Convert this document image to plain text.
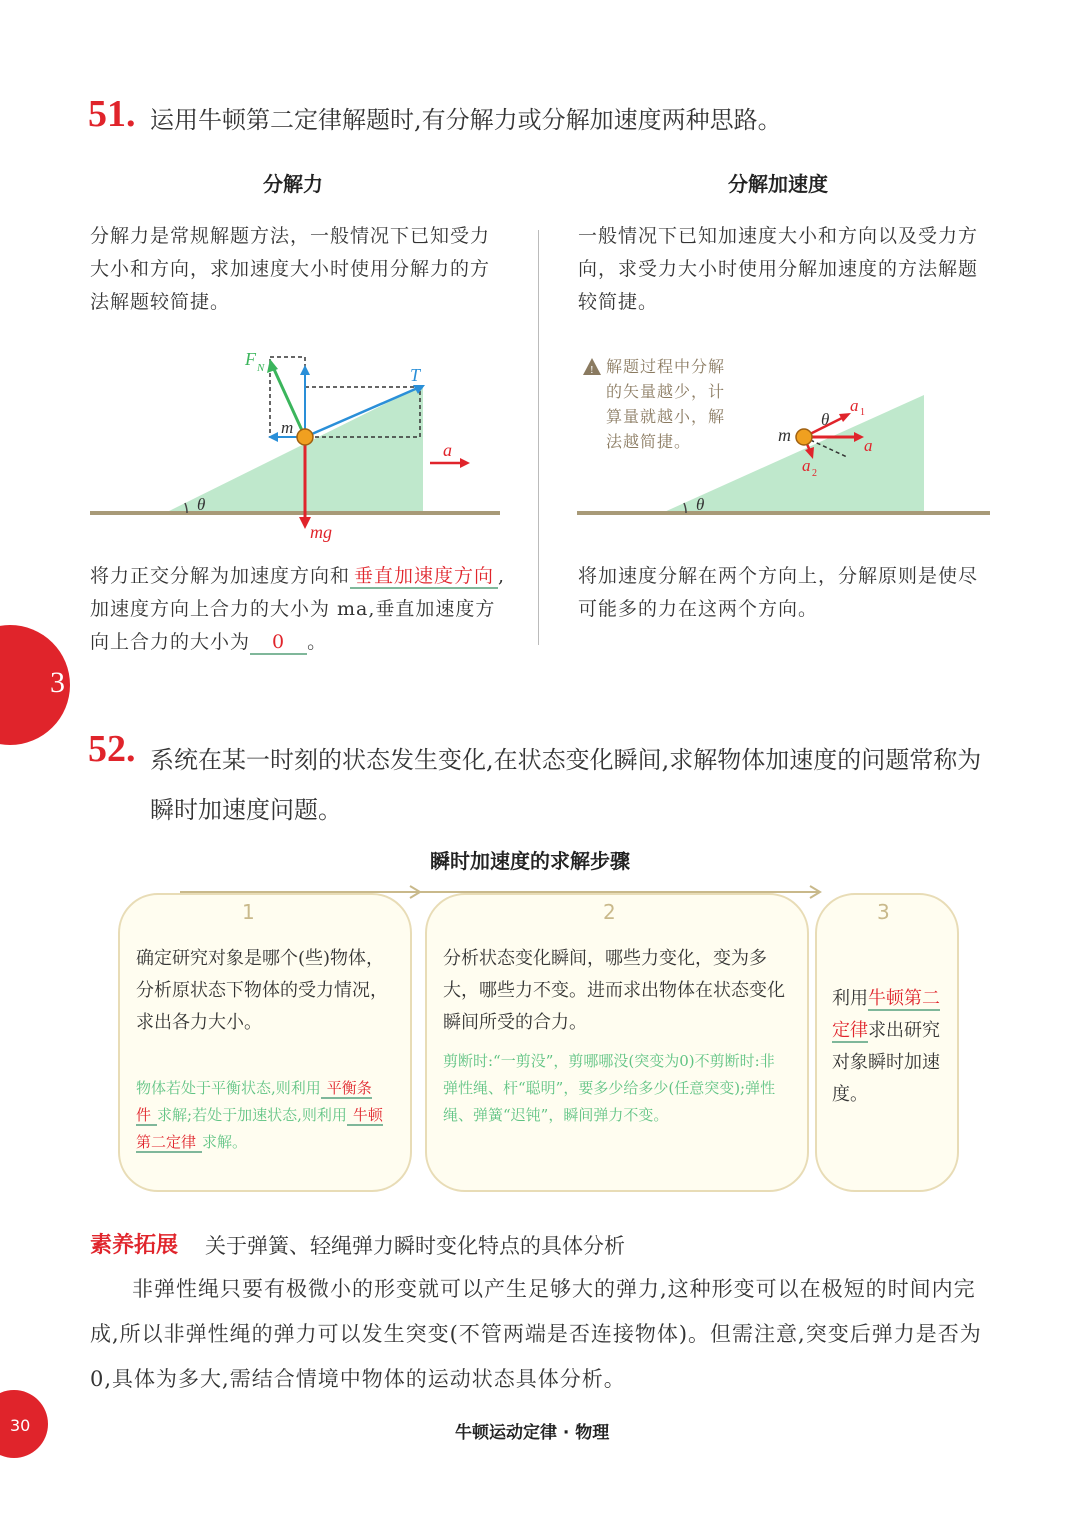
51. 运用牛顿第二定律解题时,有分解力或分解加速度两种思路。
分解力	分解加速度
分解力是常规解题方法，一般情况下已知受力大小和方向，求加速度大小时使用分解力的方法解题较简捷。
一般情况下已知加速度大小和方向以及受力方向，求受力大小时使用分解加速度的方法解题较简捷。
θ
m
F N	T
mg
a
θ
m
θ
a 1
a
a 2
! 解题过程中分解的矢量越少，计算量就越小，解法越简捷。
将力正交分解为加速度方向和 垂直加速度方向 ,加速度方向上合力的大小为 ma,垂直加速度方向上合力的大小为 0 。
将加速度分解在两个方向上，分解原则是使尽可能多的力在这两个方向。
3
52. 系统在某一时刻的状态发生变化,在状态变化瞬间,求解物体加速度的问题常称为瞬时加速度问题。
瞬时加速度的求解步骤
1	2	3
确定研究对象是哪个(些)物体，分析原状态下物体的受力情况，求出各力大小。
物体若处于平衡状态,则利用 平衡条件 求解;若处于加速状态,则利用 牛顿第二定律 求解。
分析状态变化瞬间，哪些力变化，变为多大，哪些力不变。进而求出物体在状态变化瞬间所受的合力。
剪断时:“一剪没”，剪哪哪没(突变为0)不剪断时:非弹性绳、杆“聪明”，要多少给多少(任意突变);弹性绳、弹簧“迟钝”，瞬间弹力不变。
利用牛顿第二定律求出研究对象瞬时加速度。
素养拓展 关于弹簧、轻绳弹力瞬时变化特点的具体分析
非弹性绳只要有极微小的形变就可以产生足够大的弹力,这种形变可以在极短的时间内完成,所以非弹性绳的弹力可以发生突变(不管两端是否连接物体)。但需注意,突变后弹力是否为0,具体为多大,需结合情境中物体的运动状态具体分析。
30	牛顿运动定律 · 物理
